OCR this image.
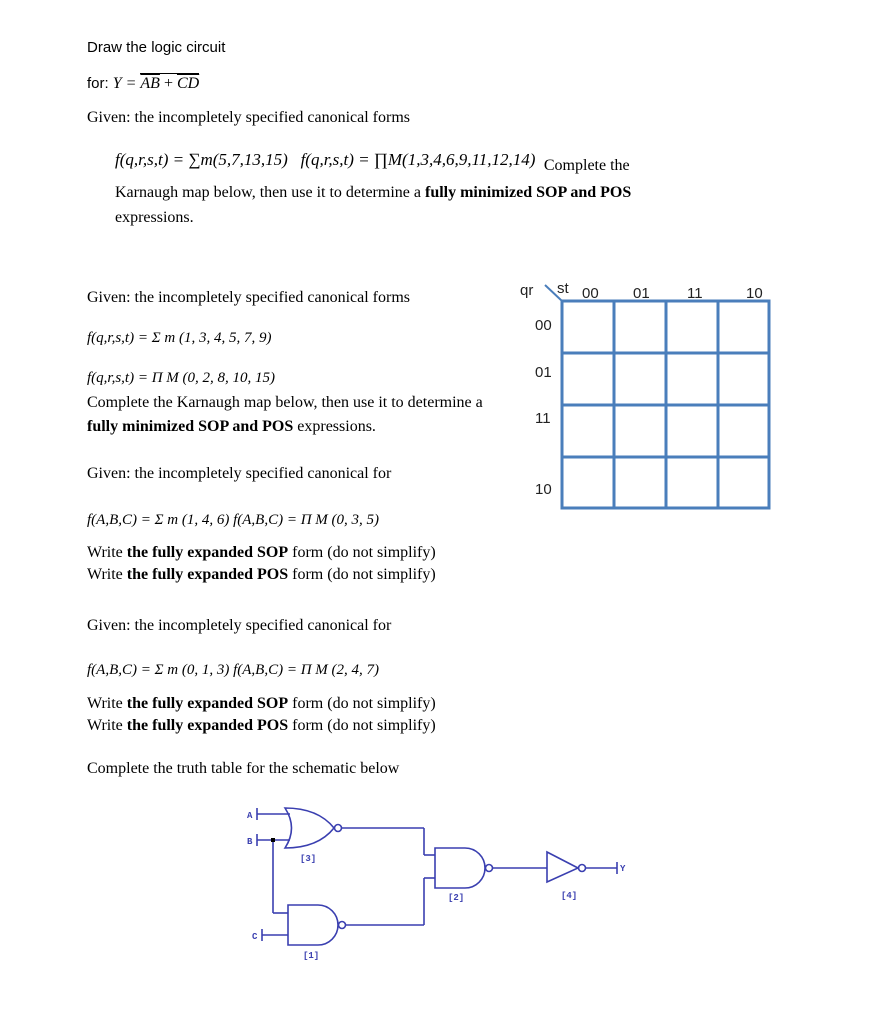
Draw the logic circuit
for: $Y = \overline{AB} + \overline{CD}$
Given: the incompletely specified canonical forms
f(q,r,s,t) = ∑m(5,7,13,15) f(q,r,s,t) = ∏M(1,3,4,6,9,11,12,14) Complete the
Karnaugh map below, then use it to determine a fully minimized SOP and POS
expressions.
Given: the incompletely specified canonical forms
f(q,r,s,t) = Σ m (1, 3, 4, 5, 7, 9)
f(q,r,s,t) = Π M (0, 2, 8, 10, 15)
Complete the Karnaugh map below, then use it to determine a
fully minimized SOP and POS expressions.
qr st 00 01 11	10
00
01
11
10
Given: the incompletely specified canonical for
f(A,B,C) = Σ m (1, 4, 6) f(A,B,C) = Π M (0, 3, 5)
Write the fully expanded SOP form (do not simplify)
Write the fully expanded POS form (do not simplify)
Given: the incompletely specified canonical for
f(A,B,C) = Σ m (0, 1, 3) f(A,B,C) = Π M (2, 4, 7)
Write the fully expanded SOP form (do not simplify)
Write the fully expanded POS form (do not simplify)
Complete the truth table for the schematic below
A
B
C
Y
[3]
[2]	[4]
[1]
